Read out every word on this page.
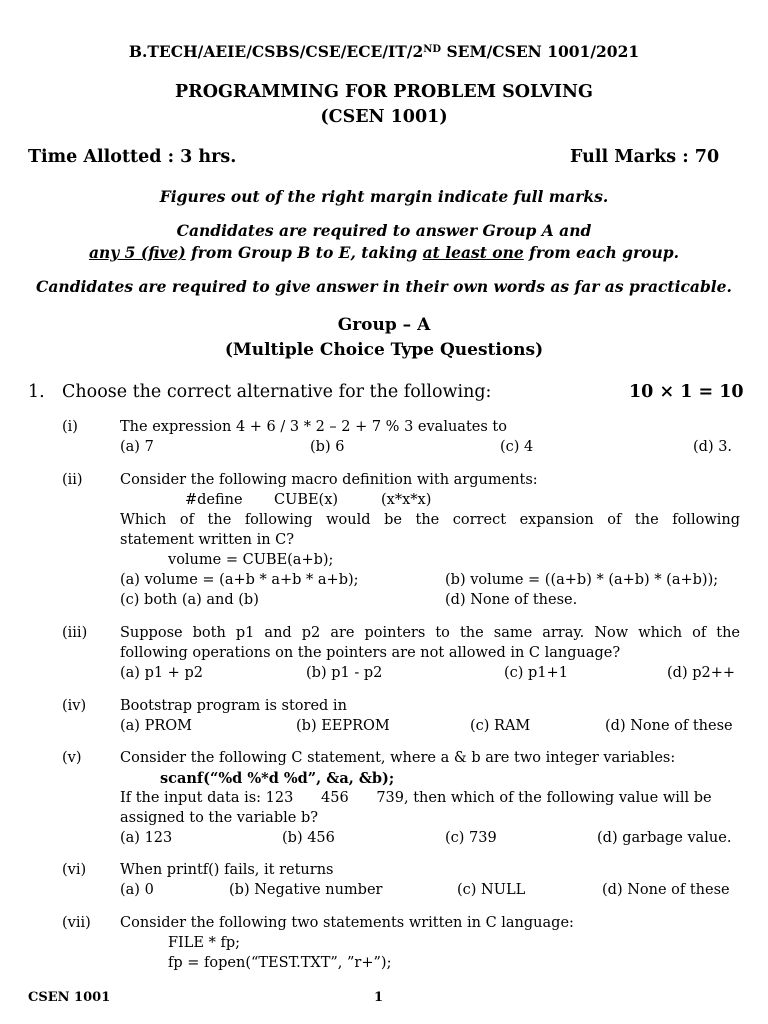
B.TECH/AEIE/CSBS/CSE/ECE/IT/2ND SEM/CSEN 1001/2021
PROGRAMMING FOR PROBLEM SOLVING
(CSEN 1001)
Time Allotted : 3 hrs.	Full Marks : 70
Figures out of the right margin indicate full marks.
Candidates are required to answer Group A and
any 5 (five) from Group B to E, taking at least one from each group.
Candidates are required to give answer in their own words as far as practicable.
Group – A
(Multiple Choice Type Questions)
1. Choose the correct alternative for the following:	10 × 1 = 10
(i)	The expression 4 + 6 / 3 * 2 – 2 + 7 % 3 evaluates to
(a) 7	(b) 6	(c) 4	(d) 3.
(ii)	Consider the following macro definition with arguments:
#define CUBE(x)	(x*x*x)
Which of the following would be the correct expansion of the following
statement written in C?
volume = CUBE(a+b);
(a) volume = (a+b * a+b * a+b);	(b) volume = ((a+b) * (a+b) * (a+b));
(c) both (a) and (b)	(d) None of these.
(iii) Suppose both p1 and p2 are pointers to the same array. Now which of the
following operations on the pointers are not allowed in C language?
(a) p1 + p2	(b) p1 - p2	(c) p1+1	(d) p2++
(iv) Bootstrap program is stored in
(a) PROM	(b) EEPROM	(c) RAM	(d) None of these
(v)	Consider the following C statement, where a & b are two integer variables:
scanf(“%d %*d %d”, &a, &b);
If the input data is: 123      456      739, then which of the following value will be
assigned to the variable b?
(a) 123	(b) 456	(c) 739	(d) garbage value.
(vi) When printf() fails, it returns
(a) 0	(b) Negative number	(c) NULL	(d) None of these
(vii) Consider the following two statements written in C language:
FILE * fp;
fp = fopen(“TEST.TXT”, ”r+”);
CSEN 1001	1
